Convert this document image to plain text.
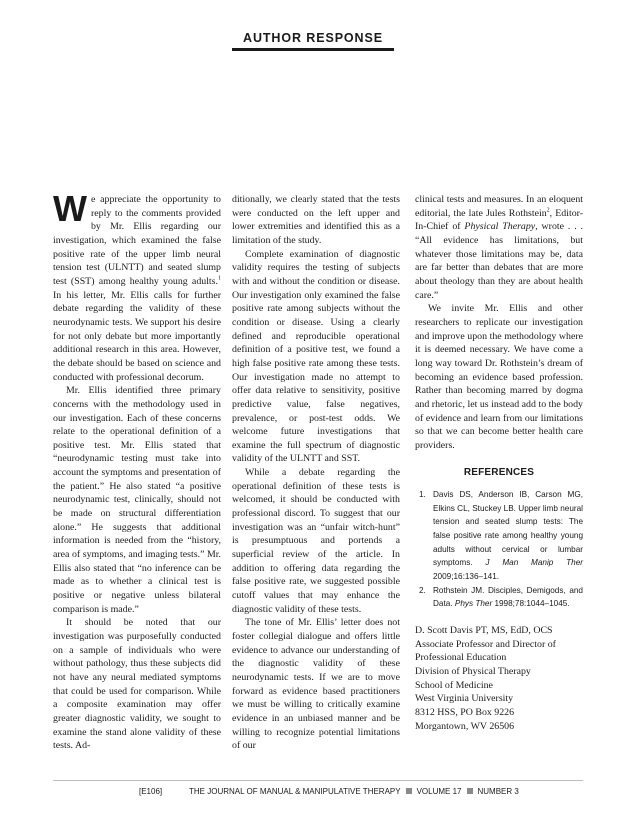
AUTHOR RESPONSE

We appreciate the opportunity to reply to the comments provided by Mr. Ellis regarding our investigation, which examined the false positive rate of the upper limb neural tension test (ULNTT) and seated slump test (SST) among healthy young adults.$^1$ In his letter, Mr. Ellis calls for further debate regarding the validity of these neurodynamic tests. We support his desire for not only debate but more importantly additional research in this area. However, the debate should be based on science and conducted with professional decorum.

Mr. Ellis identified three primary concerns with the methodology used in our investigation. Each of these concerns relate to the operational definition of a positive test. Mr. Ellis stated that “neurodynamic testing must take into account the symptoms and presentation of the patient.” He also stated “a positive neurodynamic test, clinically, should not be made on structural differentiation alone.” He suggests that additional information is needed from the “history, area of symptoms, and imaging tests.” Mr. Ellis also stated that “no inference can be made as to whether a clinical test is positive or negative unless bilateral comparison is made.”

It should be noted that our investigation was purposefully conducted on a sample of individuals who were without pathology, thus these subjects did not have any neural mediated symptoms that could be used for comparison. While a composite examination may offer greater diagnostic validity, we sought to examine the stand alone validity of these tests. Ad-

ditionally, we clearly stated that the tests were conducted on the left upper and lower extremities and identified this as a limitation of the study.

Complete examination of diagnostic validity requires the testing of subjects with and without the condition or disease. Our investigation only examined the false positive rate among subjects without the condition or disease. Using a clearly defined and reproducible operational definition of a positive test, we found a high false positive rate among these tests. Our investigation made no attempt to offer data relative to sensitivity, positive predictive value, false negatives, prevalence, or post-test odds. We welcome future investigations that examine the full spectrum of diagnostic validity of the ULNTT and SST.

While a debate regarding the operational definition of these tests is welcomed, it should be conducted with professional discord. To suggest that our investigation was an “unfair witch-hunt” is presumptuous and portends a superficial review of the article. In addition to offering data regarding the false positive rate, we suggested possible cutoff values that may enhance the diagnostic validity of these tests.

The tone of Mr. Ellis’ letter does not foster collegial dialogue and offers little evidence to advance our understanding of the diagnostic validity of these neurodynamic tests. If we are to move forward as evidence based practitioners we must be willing to critically examine evidence in an unbiased manner and be willing to recognize potential limitations of our

clinical tests and measures. In an eloquent editorial, the late Jules Rothstein$^2$, Editor-In-Chief of Physical Therapy, wrote . . . “All evidence has limitations, but whatever those limitations may be, data are far better than debates that are more about theology than they are about health care.”

We invite Mr. Ellis and other researchers to replicate our investigation and improve upon the methodology where it is deemed necessary. We have come a long way toward Dr. Rothstein’s dream of becoming an evidence based profession. Rather than becoming marred by dogma and rhetoric, let us instead add to the body of evidence and learn from our limitations so that we can become better health care providers.

REFERENCES
1. Davis DS, Anderson IB, Carson MG, Elkins CL, Stuckey LB. Upper limb neural tension and seated slump tests: The false positive rate among healthy young adults without cervical or lumbar symptoms. J Man Manip Ther 2009;16:136–141.
2. Rothstein JM. Disciples, Demigods, and Data. Phys Ther 1998;78:1044–1045.
D. Scott Davis PT, MS, EdD, OCS
Associate Professor and Director of Professional Education
Division of Physical Therapy
School of Medicine
West Virginia University
8312 HSS, PO Box 9226
Morgantown, WV 26506
[E106]	THE JOURNAL OF MANUAL & MANIPULATIVE THERAPY VOLUME 17 NUMBER 3
